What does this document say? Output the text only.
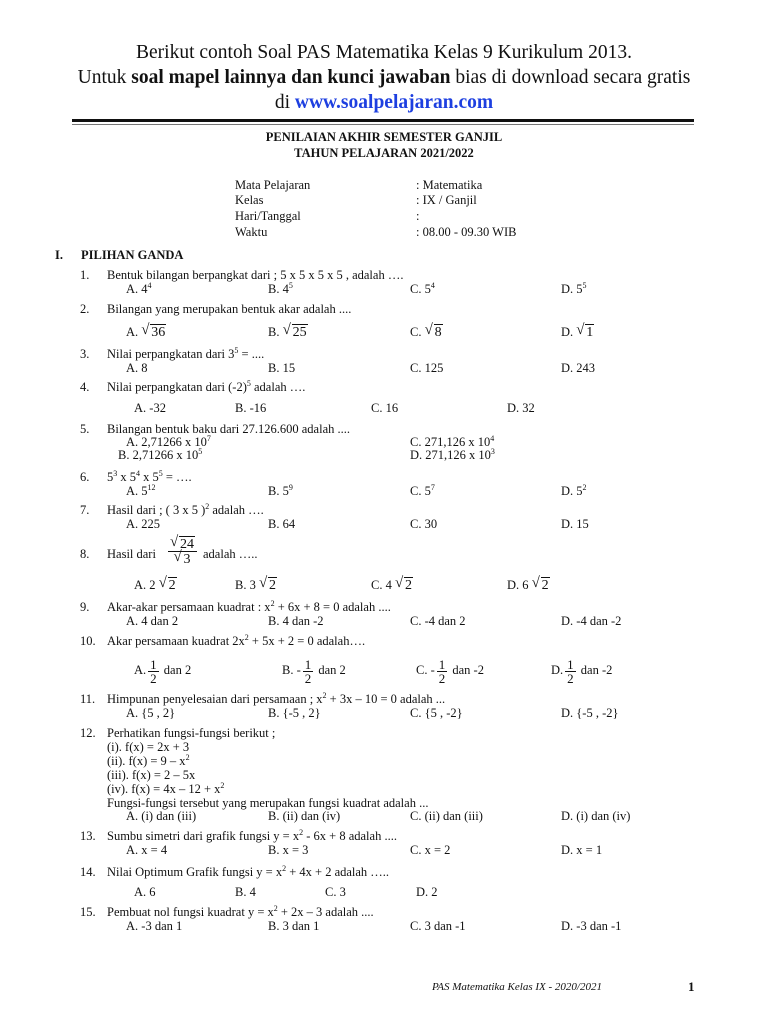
Berikut contoh Soal PAS Matematika Kelas 9 Kurikulum 2013.
Untuk soal mapel lainnya dan kunci jawaban bias di download secara gratis
di www.soalpelajaran.com
PENILAIAN AKHIR SEMESTER GANJIL
TAHUN PELAJARAN 2021/2022
Mata Pelajaran	: Matematika
Kelas	: IX / Ganjil
Hari/Tanggal	:
Waktu	: 08.00 - 09.30 WIB
I. PILIHAN GANDA
1. Bentuk bilangan berpangkat dari ; 5 x 5 x 5 x 5 , adalah ….
A. $4^4$	B. $4^5$	C. $5^4$	D. $5^5$
2. Bilangan yang merupakan bentuk akar adalah ....
A. √ 36	B. √ 25	C. √ 8	D. √ 1
3. Nilai perpangkatan dari $3^5$ = ....
A. 8	B. 15	C. 125	D. 243
4. Nilai perpangkatan dari $(-2)^5$ adalah ….
A. -32	B. -16	C. 16	D. 32
5. Bilangan bentuk baku dari 27.126.600 adalah ....
A. 2,71266 x $10^7$
B. 2,71266 x $10^5$
C. 271,126 x $10^4$
D. 271,126 x $10^3$
6. $5^3$ x $5^4$ x $5^5$ = ….
A. $5^{12}$	B. $5^9$	C. $5^7$	D. $5^2$
7. Hasil dari ; ( 3 x 5 )$^2$ adalah ….
A. 225	B. 64	C. 30	D. 15
8. Hasil dari $\frac{√ 24}{√ 3}$ adalah …..
A. 2 √ 2	B. 3 √ 2	C. 4 √ 2	D. 6 √ 2
9. Akar-akar persamaan kuadrat : $x^2 + 6x + 8 = 0$ adalah ....
A. 4 dan 2	B. 4 dan -2	C. -4 dan 2	D. -4 dan -2
10. Akar persamaan kuadrat $2x^2 + 5x + 2 = 0$ adalah….
A. $\frac{1}{2}$ dan 2	B. - $\frac{1}{2}$ dan 2	C. - $\frac{1}{2}$ dan -2	D. $\frac{1}{2}$ dan -2
11. Himpunan penyelesaian dari persamaan ; $x^2 + 3x - 10 = 0$ adalah ...
A. {5 , 2}	B. {-5 , 2}	C. {5 , -2}	D. {-5 , -2}
12. Perhatikan fungsi-fungsi berikut ;
(i). f(x) = 2x + 3
(ii). $f(x) = 9 - x^2$
(iii). f(x) = 2 – 5x
(iv). $f(x) = 4x - 12 + x^2$
Fungsi-fungsi tersebut yang merupakan fungsi kuadrat adalah ...
A. (i) dan (iii)	B. (ii) dan (iv)	C. (ii) dan (iii)	D. (i) dan (iv)
13. Sumbu simetri dari grafik fungsi $y = x^2 - 6x + 8$ adalah ....
A. x = 4	B. x = 3	C. x = 2	D. x = 1
14. Nilai Optimum Grafik fungsi $y = x^2 + 4x + 2$ adalah …..
A. 6	B. 4	C. 3	D. 2
15. Pembuat nol fungsi kuadrat $y = x^2 + 2x - 3$ adalah ....
A. -3 dan 1	B. 3 dan 1	C. 3 dan -1	D. -3 dan -1
PAS Matematika Kelas IX - 2020/2021	1
